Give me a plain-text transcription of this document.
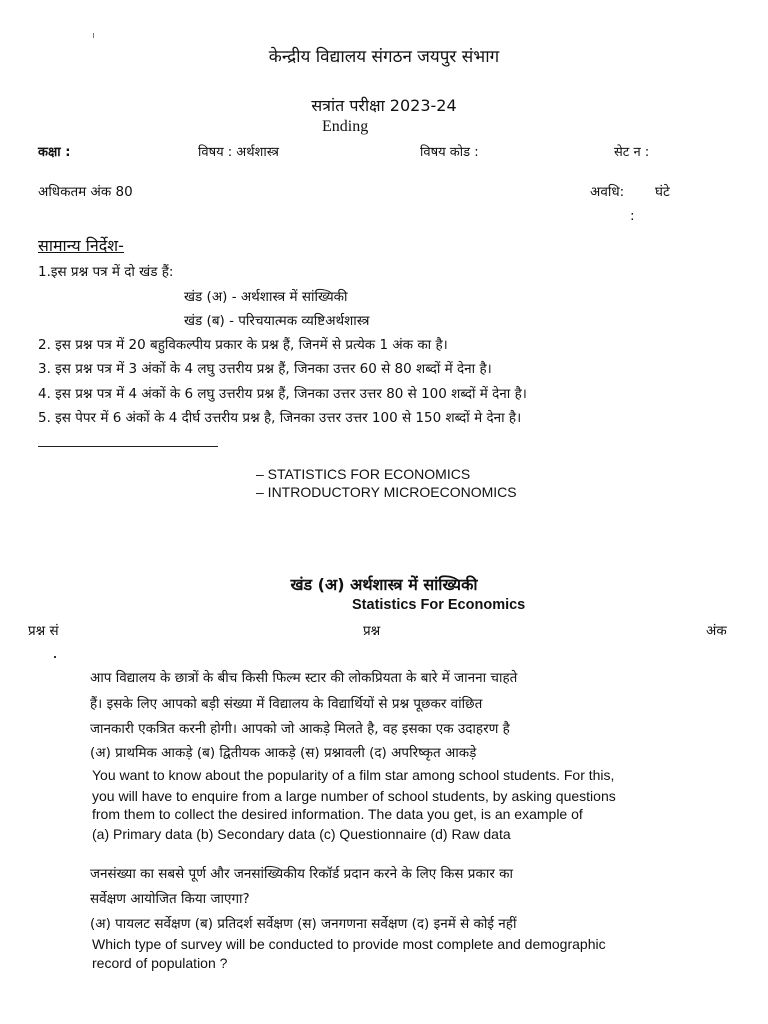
केन्द्रीय विद्यालय संगठन जयपुर संभाग
सत्रांत परीक्षा 2023-24
Ending
कक्षा :	विषय : अर्थशास्त्र	विषय कोड :	सेट न :
अधिकतम अंक 80	अवधि: घंटे
:
सामान्य निर्देश-
1.इस प्रश्न पत्र में दो खंड हैं:
खंड (अ) - अर्थशास्त्र में सांख्यिकी
खंड (ब) - परिचयात्मक व्यष्टिअर्थशास्त्र
2. इस प्रश्न पत्र में 20 बहुविकल्पीय प्रकार के प्रश्न हैं, जिनमें से प्रत्येक 1 अंक का है।
3. इस प्रश्न पत्र में 3 अंकों के 4 लघु उत्तरीय प्रश्न हैं, जिनका उत्तर 60 से 80 शब्दों में देना है।
4. इस प्रश्न पत्र में 4 अंकों के 6 लघु उत्तरीय प्रश्न हैं, जिनका उत्तर उत्तर 80 से 100 शब्दों में देना है।
5. इस पेपर में 6 अंकों के 4 दीर्घ उत्तरीय प्रश्न है, जिनका उत्तर उत्तर 100 से 150 शब्दों मे देना है।
– STATISTICS FOR ECONOMICS
– INTRODUCTORY MICROECONOMICS
खंड (अ) अर्थशास्त्र में सांख्यिकी
Statistics For Economics
प्रश्न सं	प्रश्न	अंक
आप विद्यालय के छात्रों के बीच किसी फिल्म स्टार की लोकप्रियता के बारे में जानना चाहते
हैं। इसके लिए आपको बड़ी संख्या में विद्यालय के विद्यार्थियों से प्रश्न पूछकर वांछित
जानकारी एकत्रित करनी होगी। आपको जो आकड़े मिलते है, वह इसका एक उदाहरण है
(अ) प्राथमिक आकड़े (ब) द्वितीयक आकड़े (स) प्रश्नावली (द) अपरिष्कृत आकड़े
You want to know about the popularity of a film star among school students. For this,
you will have to enquire from a large number of school students, by asking questions
from them to collect the desired information. The data you get, is an example of
(a) Primary data (b) Secondary data (c) Questionnaire (d) Raw data
जनसंख्या का सबसे पूर्ण और जनसांख्यिकीय रिकॉर्ड प्रदान करने के लिए किस प्रकार का
सर्वेक्षण आयोजित किया जाएगा?
(अ) पायलट सर्वेक्षण (ब) प्रतिदर्श सर्वेक्षण (स) जनगणना सर्वेक्षण (द) इनमें से कोई नहीं
Which type of survey will be conducted to provide most complete and demographic
record of population ?
